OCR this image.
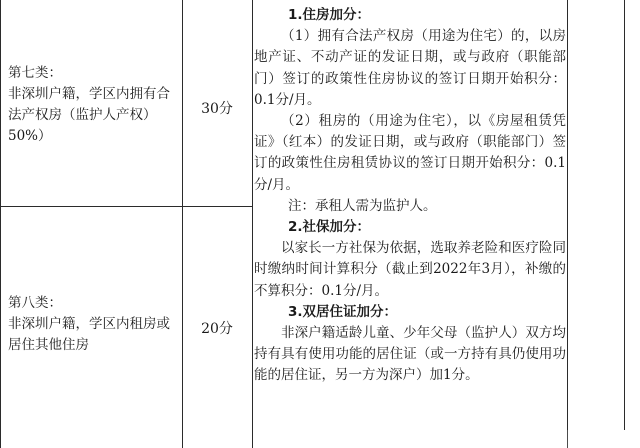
第七类：
非深圳户籍，学区内拥有合法产权房（监护人产权）50%）
30分
第八类：
非深圳户籍，学区内租房或居住其他住房
20分
1.住房加分：
（1）拥有合法产权房（用途为住宅）的，以房地产证、不动产证的发证日期，或与政府（职能部门）签订的政策性住房协议的签订日期开始积分：0.1分/月。
（2）租房的（用途为住宅），以《房屋租赁凭证》（红本）的发证日期，或与政府（职能部门）签订的政策性住房租赁协议的签订日期开始积分：0.1分/月。
注：承租人需为监护人。
2.社保加分：
以家长一方社保为依据，选取养老险和医疗险同时缴纳时间计算积分（截止到2022年3月），补缴的不算积分：0.1分/月。
3.双居住证加分：
非深户籍适龄儿童、少年父母（监护人）双方均持有具有使用功能的居住证（或一方持有具仍使用功能的居住证，另一方为深户）加1分。
